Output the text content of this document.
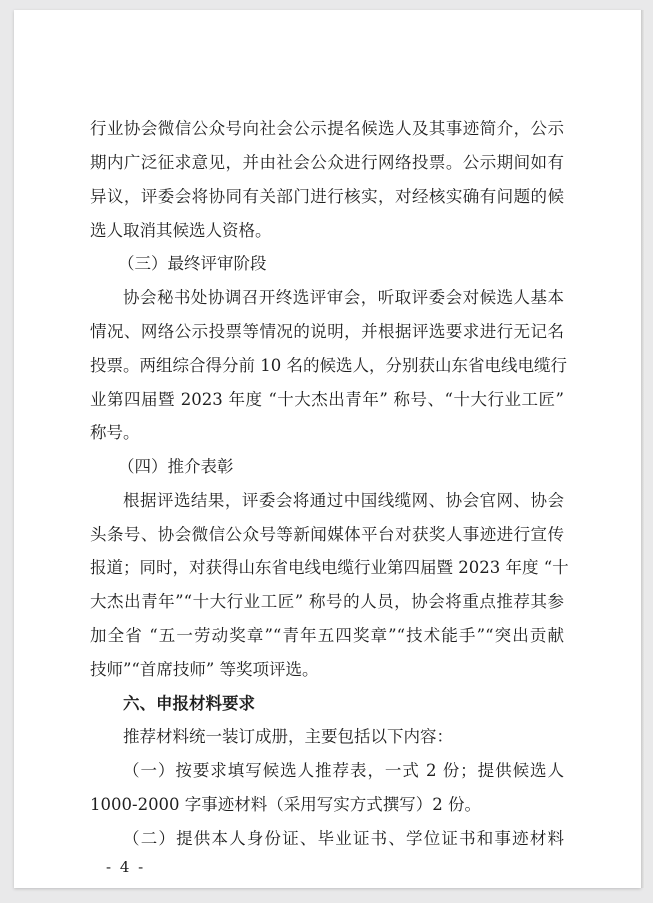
行业协会微信公众号向社会公示提名候选人及其事迹简介，公示
期内广泛征求意见，并由社会公众进行网络投票。公示期间如有
异议，评委会将协同有关部门进行核实，对经核实确有问题的候
选人取消其候选人资格。
（三）最终评审阶段
协会秘书处协调召开终选评审会，听取评委会对候选人基本
情况、网络公示投票等情况的说明，并根据评选要求进行无记名
投票。两组综合得分前 10 名的候选人，分别获山东省电线电缆行
业第四届暨 2023 年度 “十大杰出青年” 称号、“十大行业工匠”
称号。
（四）推介表彰
根据评选结果，评委会将通过中国线缆网、协会官网、协会
头条号、协会微信公众号等新闻媒体平台对获奖人事迹进行宣传
报道；同时，对获得山东省电线电缆行业第四届暨 2023 年度 “十
大杰出青年”“十大行业工匠” 称号的人员，协会将重点推荐其参
加全省 “五一劳动奖章”“青年五四奖章”“技术能手”“突出贡献
技师”“首席技师” 等奖项评选。
六、申报材料要求
推荐材料统一装订成册，主要包括以下内容：
（一）按要求填写候选人推荐表，一式 2 份；提供候选人
1000-2000 字事迹材料（采用写实方式撰写）2 份。
（二）提供本人身份证、毕业证书、学位证书和事迹材料
- 4 -
